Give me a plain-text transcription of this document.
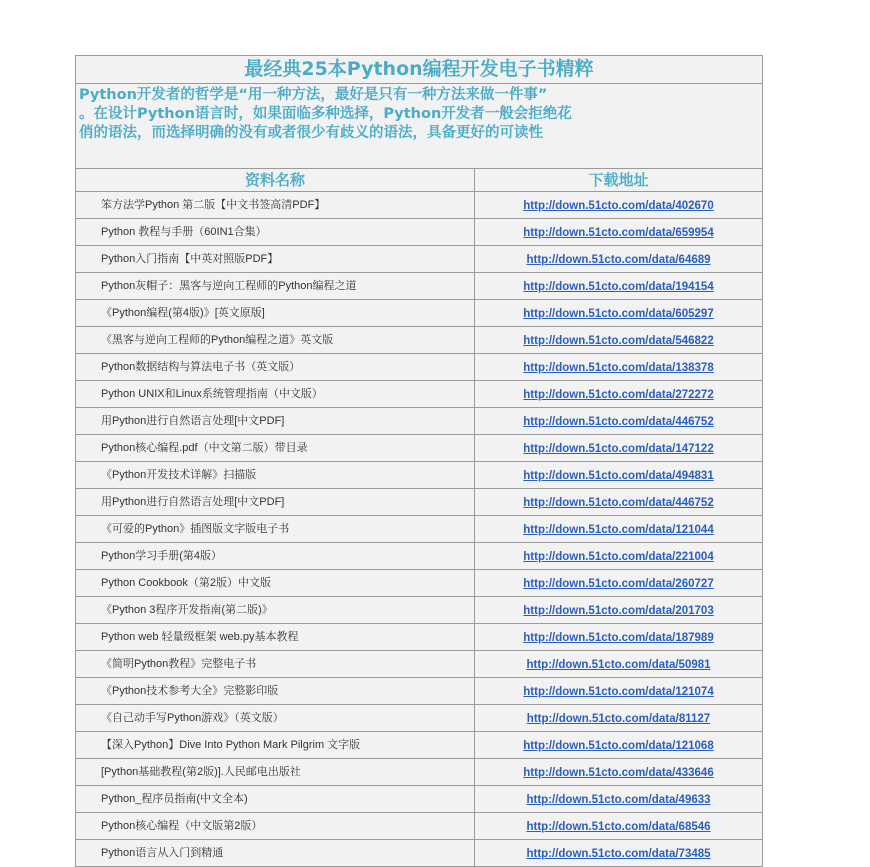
最经典25本Python编程开发电子书精粹	

Python开发者的哲学是“用一种方法，最好是只有一种方法来做一件事”
。在设计Python语言时，如果面临多种选择，Python开发者一般会拒绝花
俏的语法，而选择明确的没有或者很少有歧义的语法，具备更好的可读性	

资料名称	下载地址
笨方法学Python 第二版【中文书签高清PDF】	http://down.51cto.com/data/402670
Python 教程与手册（60IN1合集）	http://down.51cto.com/data/659954
Python入门指南【中英对照版PDF】	http://down.51cto.com/data/64689
Python灰帽子：黑客与逆向工程师的Python编程之道	http://down.51cto.com/data/194154
《Python编程(第4版)》[英文原版]	http://down.51cto.com/data/605297
《黑客与逆向工程师的Python编程之道》英文版	http://down.51cto.com/data/546822
Python数据结构与算法电子书（英文版）	http://down.51cto.com/data/138378
Python UNIX和Linux系统管理指南（中文版）	http://down.51cto.com/data/272272
用Python进行自然语言处理[中文PDF]	http://down.51cto.com/data/446752
Python核心编程.pdf（中文第二版）带目录	http://down.51cto.com/data/147122
《Python开发技术详解》扫描版	http://down.51cto.com/data/494831
用Python进行自然语言处理[中文PDF]	http://down.51cto.com/data/446752
《可爱的Python》插图版文字版电子书	http://down.51cto.com/data/121044
Python学习手册(第4版）	http://down.51cto.com/data/221004
Python Cookbook（第2版）中文版	http://down.51cto.com/data/260727
《Python 3程序开发指南(第二版)》	http://down.51cto.com/data/201703
Python web 轻量级框架 web.py基本教程	http://down.51cto.com/data/187989
《简明Python教程》完整电子书	http://down.51cto.com/data/50981
《Python技术参考大全》完整影印版	http://down.51cto.com/data/121074
《自己动手写Python游戏》（英文版）	http://down.51cto.com/data/81127
【深入Python】Dive Into Python Mark Pilgrim 文字版	http://down.51cto.com/data/121068
[Python基础教程(第2版)].人民邮电出版社	http://down.51cto.com/data/433646
Python_程序员指南(中文全本)	http://down.51cto.com/data/49633
Python核心编程（中文版第2版）	http://down.51cto.com/data/68546
Python语言从入门到精通	http://down.51cto.com/data/73485
